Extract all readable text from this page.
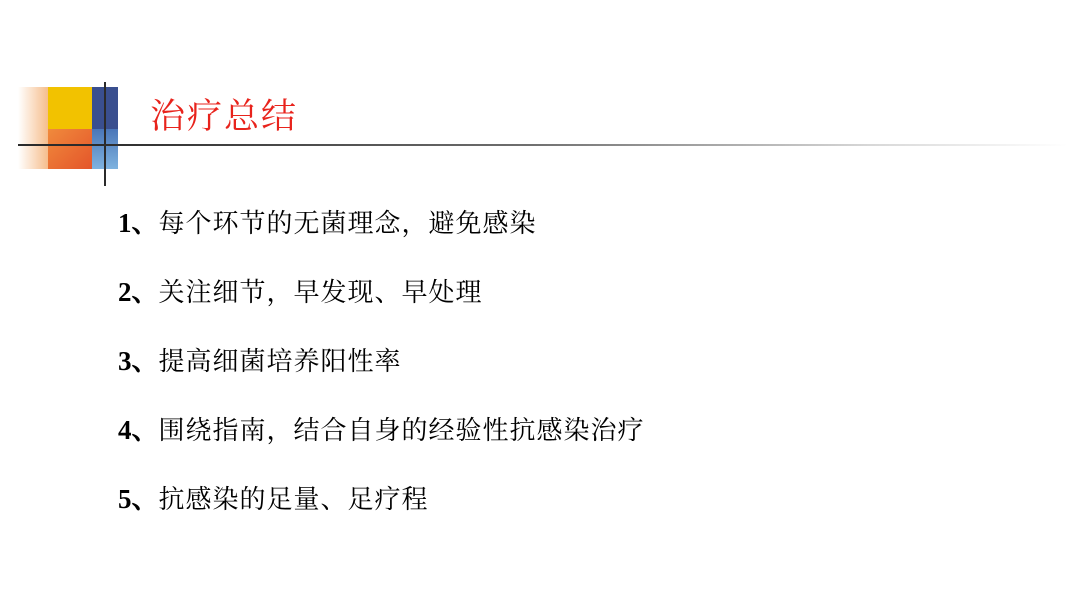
治疗总结
1、每个环节的无菌理念，避免感染
2、关注细节，早发现、早处理
3、提高细菌培养阳性率
4、围绕指南，结合自身的经验性抗感染治疗
5、抗感染的足量、足疗程
